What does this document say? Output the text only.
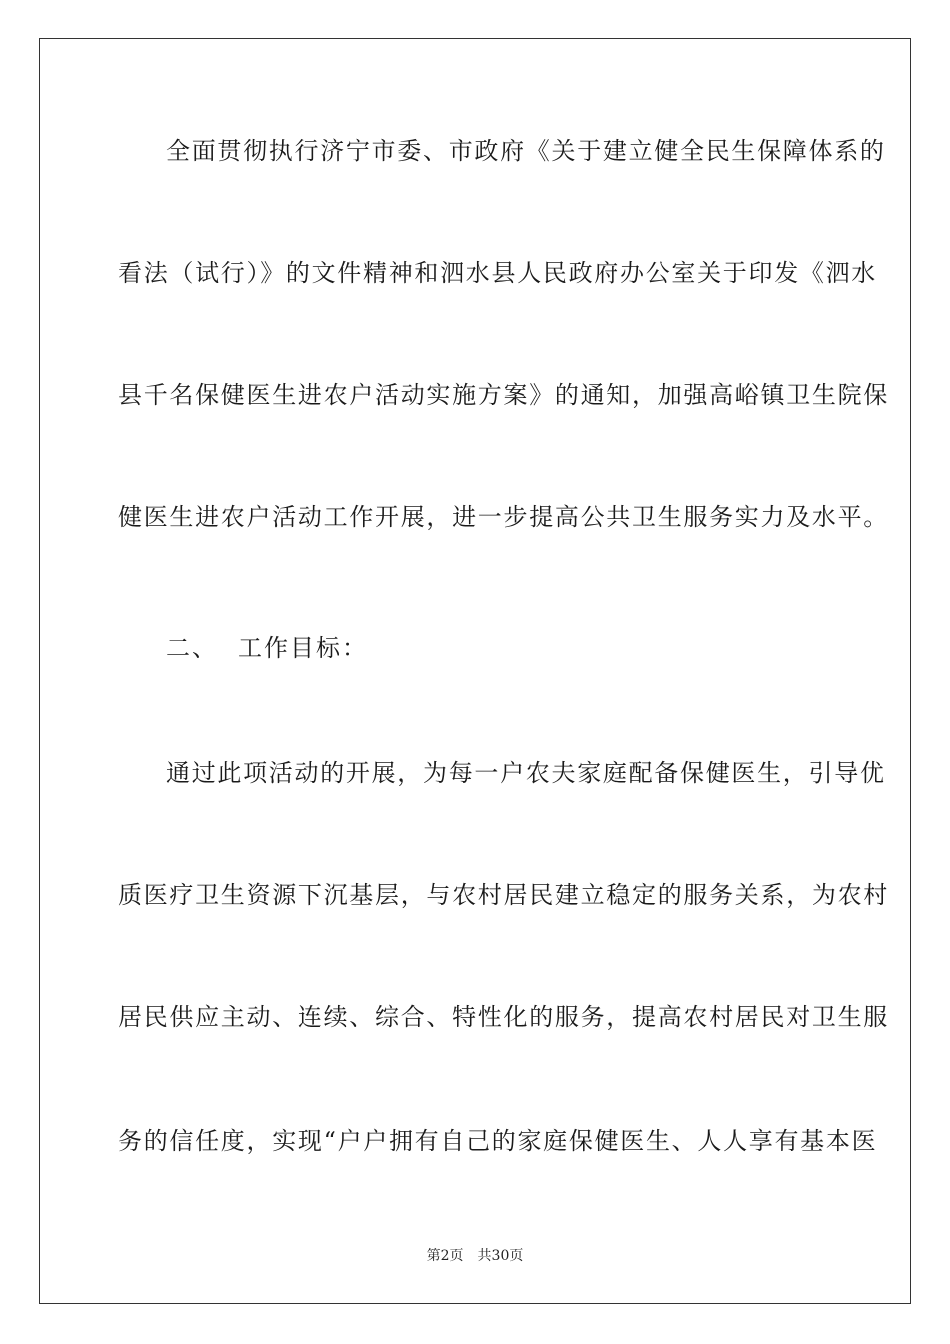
全面贯彻执行济宁市委、市政府《关于建立健全民生保障体系的
看法（试行）》的文件精神和泗水县人民政府办公室关于印发《泗水
县千名保健医生进农户活动实施方案》的通知，加强高峪镇卫生院保
健医生进农户活动工作开展，进一步提高公共卫生服务实力及水平。
二、 工作目标：
通过此项活动的开展，为每一户农夫家庭配备保健医生，引导优
质医疗卫生资源下沉基层，与农村居民建立稳定的服务关系，为农村
居民供应主动、连续、综合、特性化的服务，提高农村居民对卫生服
务的信任度，实现“户户拥有自己的家庭保健医生、人人享有基本医
第2页 共30页
